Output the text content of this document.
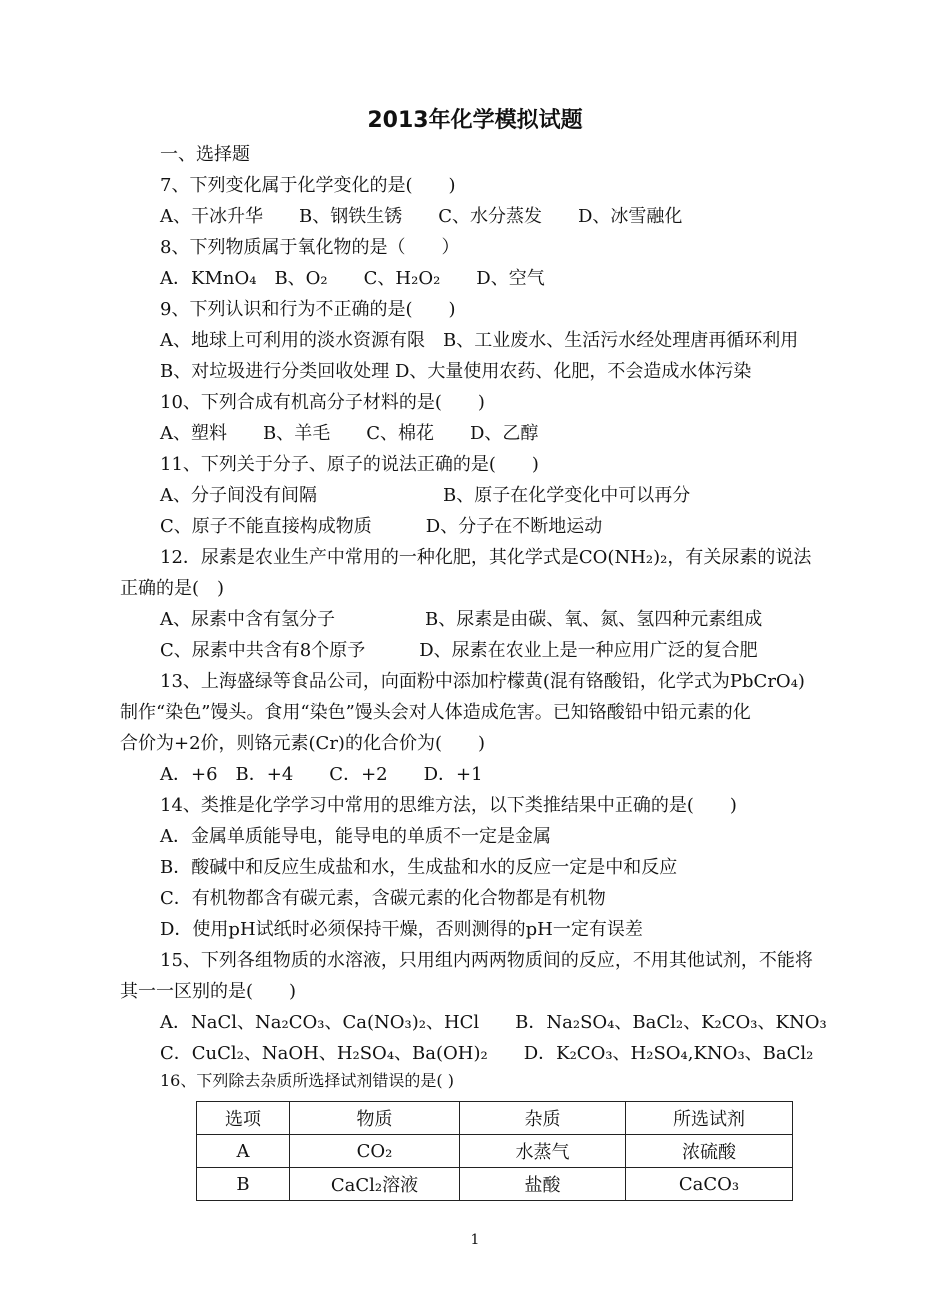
2013年化学模拟试题
一、选择题
7、下列变化属于化学变化的是(　　)
A、干冰升华　　B、钢铁生锈　　C、水分蒸发　　D、冰雪融化
8、下列物质属于氧化物的是（　　）
A．KMnO₄　B、O₂　　C、H₂O₂　　D、空气
9、下列认识和行为不正确的是(　　)
A、地球上可利用的淡水资源有限　B、工业废水、生活污水经处理唐再循环利用
B、对垃圾进行分类回收处理 D、大量使用农药、化肥，不会造成水体污染
10、下列合成有机高分子材料的是(　　)
A、塑料　　B、羊毛　　C、棉花　　D、乙醇
11、下列关于分子、原子的说法正确的是(　　)
A、分子间没有间隔　　　　　　　B、原子在化学变化中可以再分
C、原子不能直接构成物质　　　D、分子在不断地运动
12．尿素是农业生产中常用的一种化肥，其化学式是CO(NH₂)₂，有关尿素的说法
正确的是(　)
A、尿素中含有氢分子　　　　　B、尿素是由碳、氧、氮、氢四种元素组成
C、尿素中共含有8个原予　　　D、尿素在农业上是一种应用广泛的复合肥
13、上海盛绿等食品公司，向面粉中添加柠檬黄(混有铬酸铅，化学式为PbCrO₄)
制作“染色”馒头。食用“染色”馒头会对人体造成危害。已知铬酸铅中铅元素的化
合价为+2价，则铬元素(Cr)的化合价为(　　)
A．+6　B．+4　　C．+2　　D．+1
14、类推是化学学习中常用的思维方法，以下类推结果中正确的是(　　)
A．金属单质能导电，能导电的单质不一定是金属
B．酸碱中和反应生成盐和水，生成盐和水的反应一定是中和反应
C．有机物都含有碳元素，含碳元素的化合物都是有机物
D．使用pH试纸时必须保持干燥，否则测得的pH一定有误差
15、下列各组物质的水溶液，只用组内两两物质间的反应，不用其他试剂，不能将
其一一区别的是(　　)
A．NaCl、Na₂CO₃、Ca(NO₃)₂、HCl　　B．Na₂SO₄、BaCl₂、K₂CO₃、KNO₃
C．CuCl₂、NaOH、H₂SO₄、Ba(OH)₂　　D．K₂CO₃、H₂SO₄,KNO₃、BaCl₂
16、下列除去杂质所选择试剂错误的是( )
选项	物质	杂质	所选试剂
A	CO₂	水蒸气	浓硫酸
B	CaCl₂溶液	盐酸	CaCO₃
1
